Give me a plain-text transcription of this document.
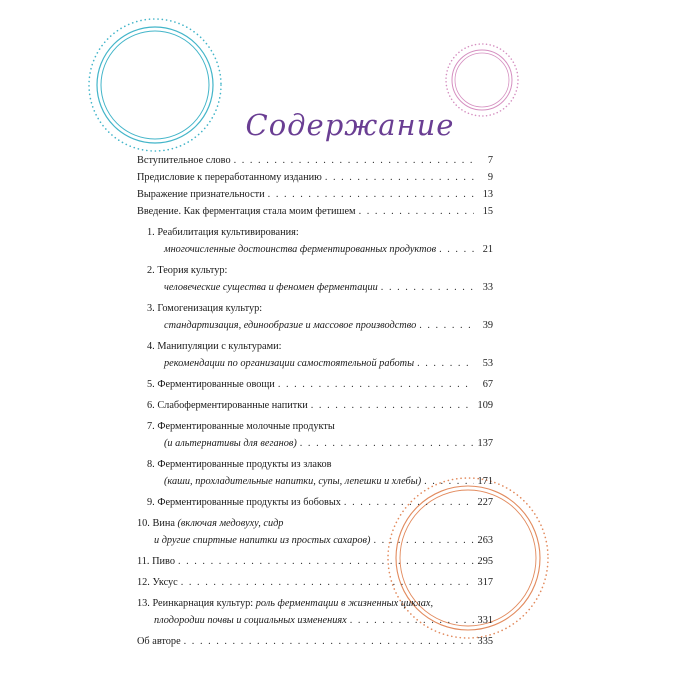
Содержание
Вступительное слово . . .	7
Предисловие к переработанному изданию . . .	9
Выражение признательности . . .	13
Введение. Как ферментация стала моим фетишем . . .	15
1. Реабилитация культивирования:
многочисленные достоинства ферментированных продуктов . . .	21
2. Теория культур:
человеческие существа и феномен ферментации . . .	33
3. Гомогенизация культур:
стандартизация, единообразие и массовое производство . . .	39
4. Манипуляции с культурами:
рекомендации по организации самостоятельной работы . . .	53
5. Ферментированные овощи . . .	67
6. Слабоферментированные напитки . . .	109
7. Ферментированные молочные продукты
(и альтернативы для веганов) . . .	137
8. Ферментированные продукты из злаков
(каши, прохладительные напитки, супы, лепешки и хлебы) . . .	171
9. Ферментированные продукты из бобовых . . .	227
10. Вина (включая медовуху, сидр
и другие спиртные напитки из простых сахаров) . . .	263
11. Пиво . . .	295
12. Уксус . . .	317
13. Реинкарнация культур: роль ферментации в жизненных циклах,
плодородии почвы и социальных изменениях . . .	331
Об авторе . . .	335
